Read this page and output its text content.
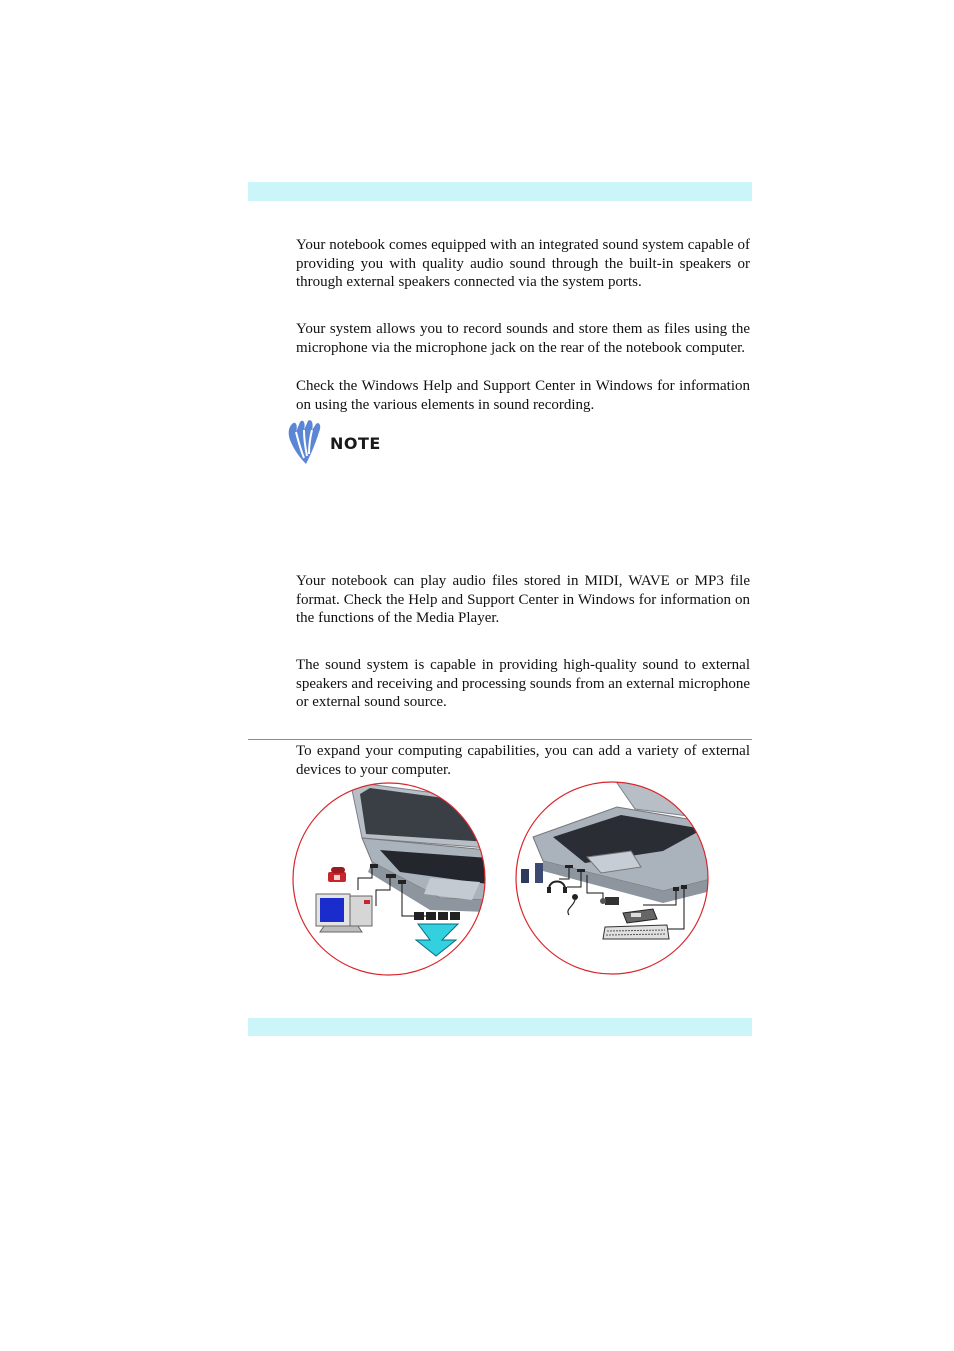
Your notebook comes equipped with an integrated sound system capable of providing you with quality audio sound through the built-in speakers or through external speakers connected via the system ports.

Your system allows you to record sounds and store them as files using the microphone via the microphone jack on the rear of the notebook computer.

Check the Windows Help and Support Center in Windows for information on using the various elements in sound recording.

NOTE

Your notebook can play audio files stored in MIDI, WAVE or MP3 file format. Check the Help and Support Center in Windows for information on the functions of the Media Player.

The sound system is capable in providing high-quality sound to external speakers and receiving and processing sounds from an external microphone or external sound source.

To expand your computing capabilities, you can add a variety of external devices to your computer.
